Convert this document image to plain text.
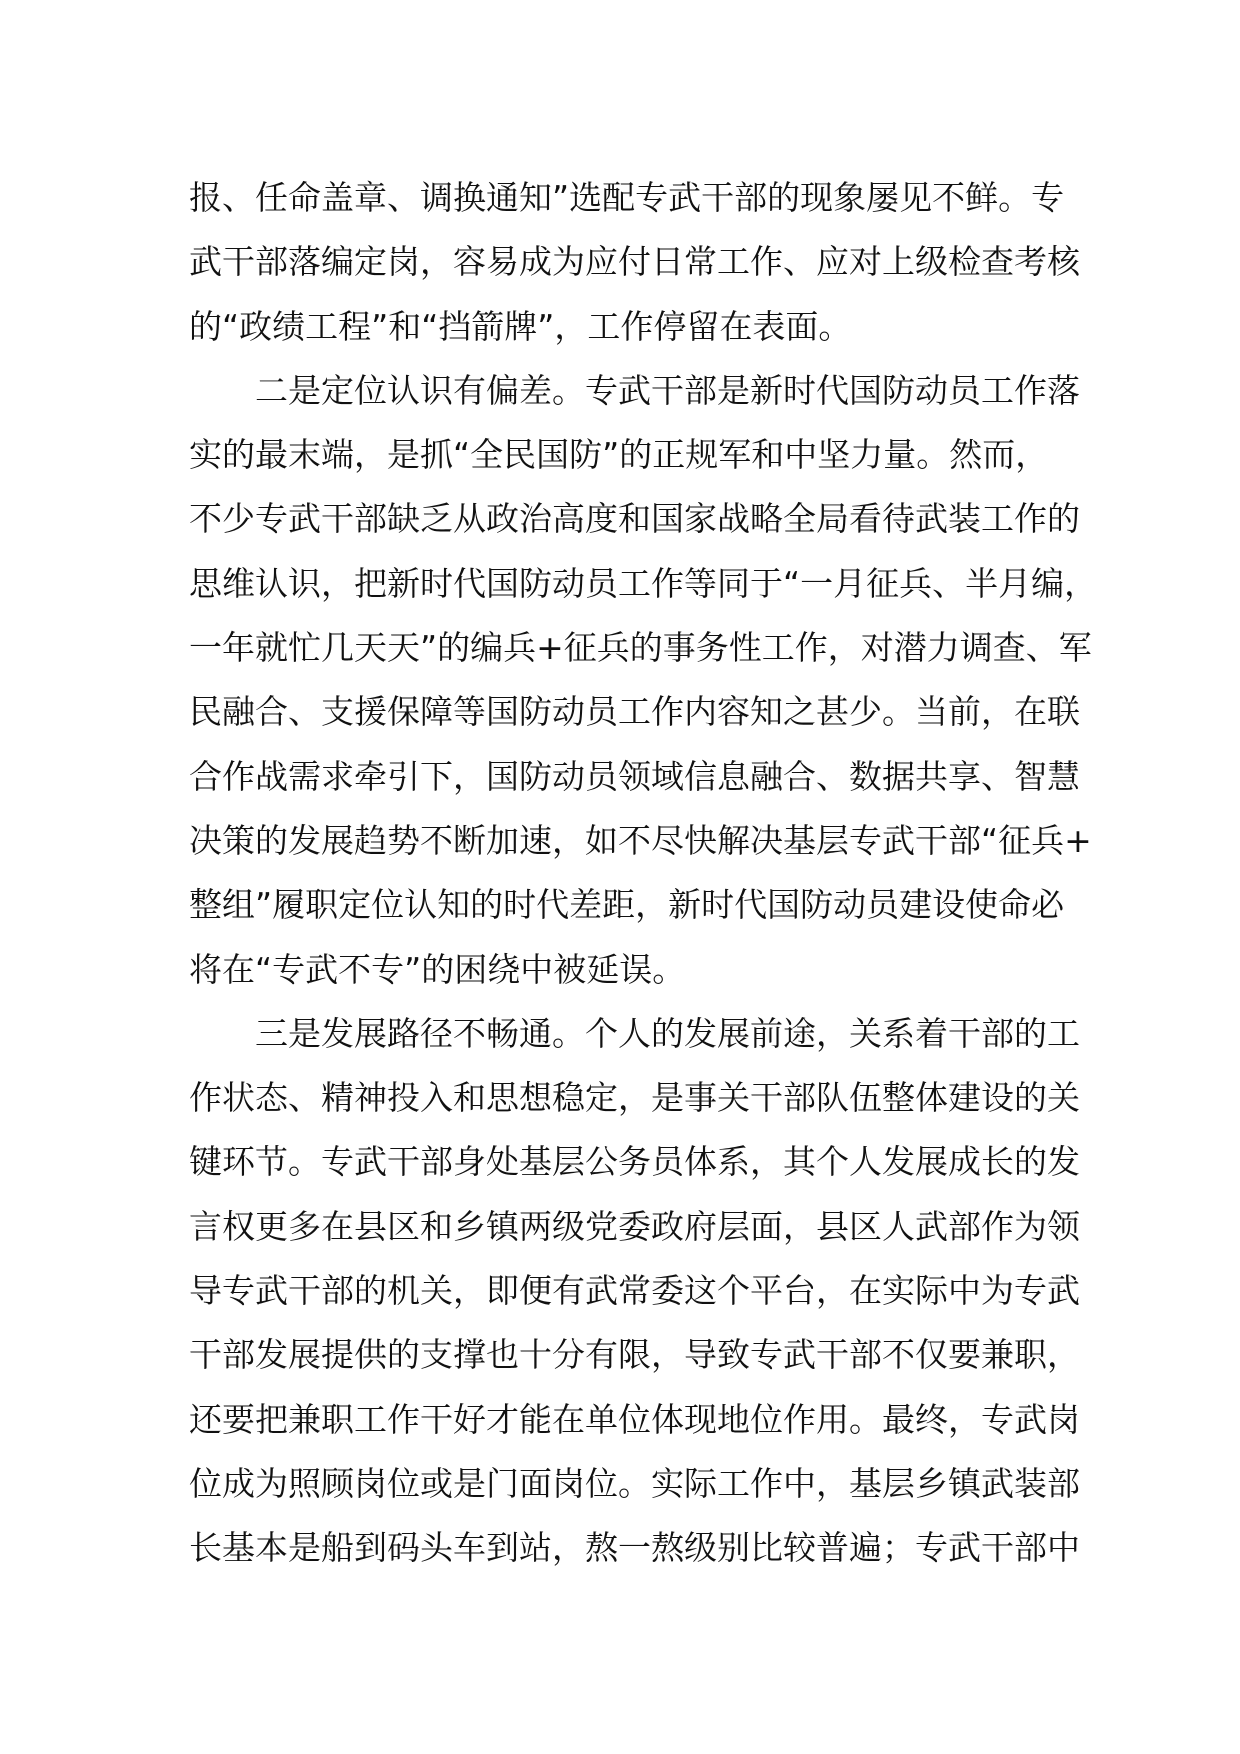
报、任命盖章、调换通知”选配专武干部的现象屡见不鲜。专
武干部落编定岗，容易成为应付日常工作、应对上级检查考核
的“政绩工程”和“挡箭牌”，工作停留在表面。
二是定位认识有偏差。专武干部是新时代国防动员工作落
实的最末端，是抓“全民国防”的正规军和中坚力量。然而，
不少专武干部缺乏从政治高度和国家战略全局看待武装工作的
思维认识，把新时代国防动员工作等同于“一月征兵、半月编，
一年就忙几天天”的编兵+征兵的事务性工作，对潜力调查、军
民融合、支援保障等国防动员工作内容知之甚少。当前，在联
合作战需求牵引下，国防动员领域信息融合、数据共享、智慧
决策的发展趋势不断加速，如不尽快解决基层专武干部“征兵+
整组”履职定位认知的时代差距，新时代国防动员建设使命必
将在“专武不专”的困绕中被延误。
三是发展路径不畅通。个人的发展前途，关系着干部的工
作状态、精神投入和思想稳定，是事关干部队伍整体建设的关
键环节。专武干部身处基层公务员体系，其个人发展成长的发
言权更多在县区和乡镇两级党委政府层面，县区人武部作为领
导专武干部的机关，即便有武常委这个平台，在实际中为专武
干部发展提供的支撑也十分有限，导致专武干部不仅要兼职，
还要把兼职工作干好才能在单位体现地位作用。最终，专武岗
位成为照顾岗位或是门面岗位。实际工作中，基层乡镇武装部
长基本是船到码头车到站，熬一熬级别比较普遍；专武干部中
